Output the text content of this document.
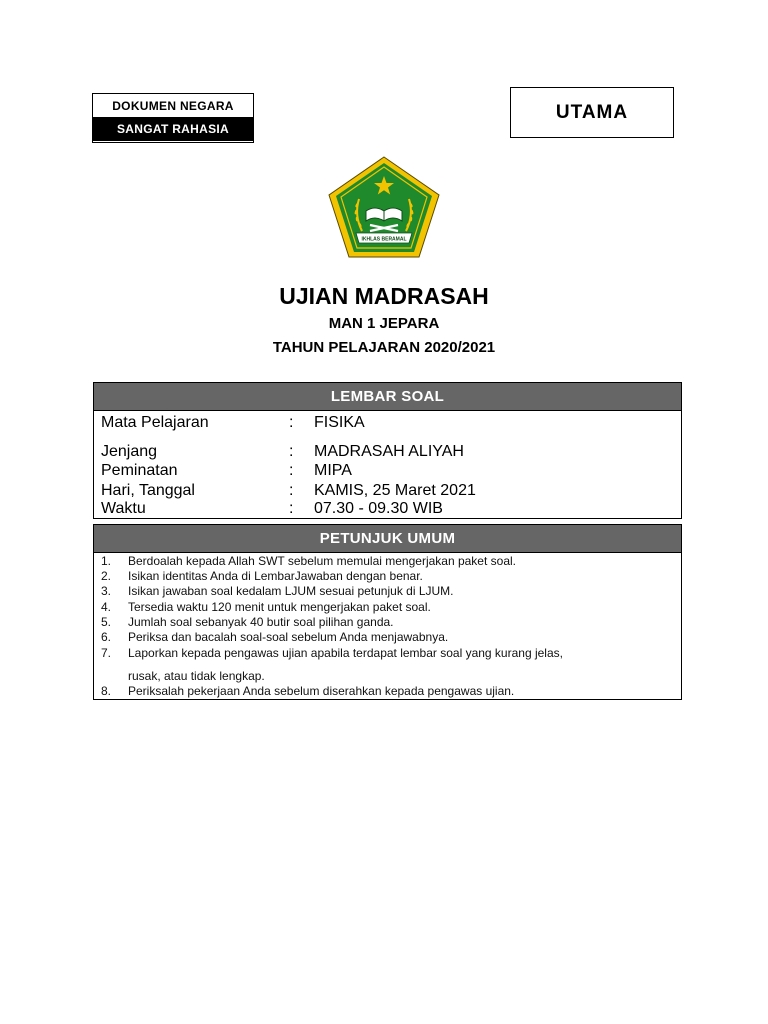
DOKUMEN NEGARA
SANGAT RAHASIA
UTAMA
IKHLAS BERAMAL
UJIAN MADRASAH
MAN 1 JEPARA
TAHUN PELAJARAN 2020/2021
LEMBAR SOAL
Mata Pelajaran	: FISIKA
Jenjang	: MADRASAH ALIYAH
Peminatan	: MIPA
Hari, Tanggal	: KAMIS, 25 Maret 2021
Waktu	: 07.30 - 09.30 WIB
PETUNJUK UMUM
1. Berdoalah kepada Allah SWT sebelum memulai mengerjakan paket soal.
2. Isikan identitas Anda di LembarJawaban dengan benar.
3. Isikan jawaban soal kedalam LJUM sesuai petunjuk di LJUM.
4. Tersedia waktu 120 menit untuk mengerjakan paket soal.
5. Jumlah soal sebanyak 40 butir soal pilihan ganda.
6. Periksa dan bacalah soal-soal sebelum Anda menjawabnya.
7. Laporkan kepada pengawas ujian apabila terdapat lembar soal yang kurang jelas,
rusak, atau tidak lengkap.
8. Periksalah pekerjaan Anda sebelum diserahkan kepada pengawas ujian.
